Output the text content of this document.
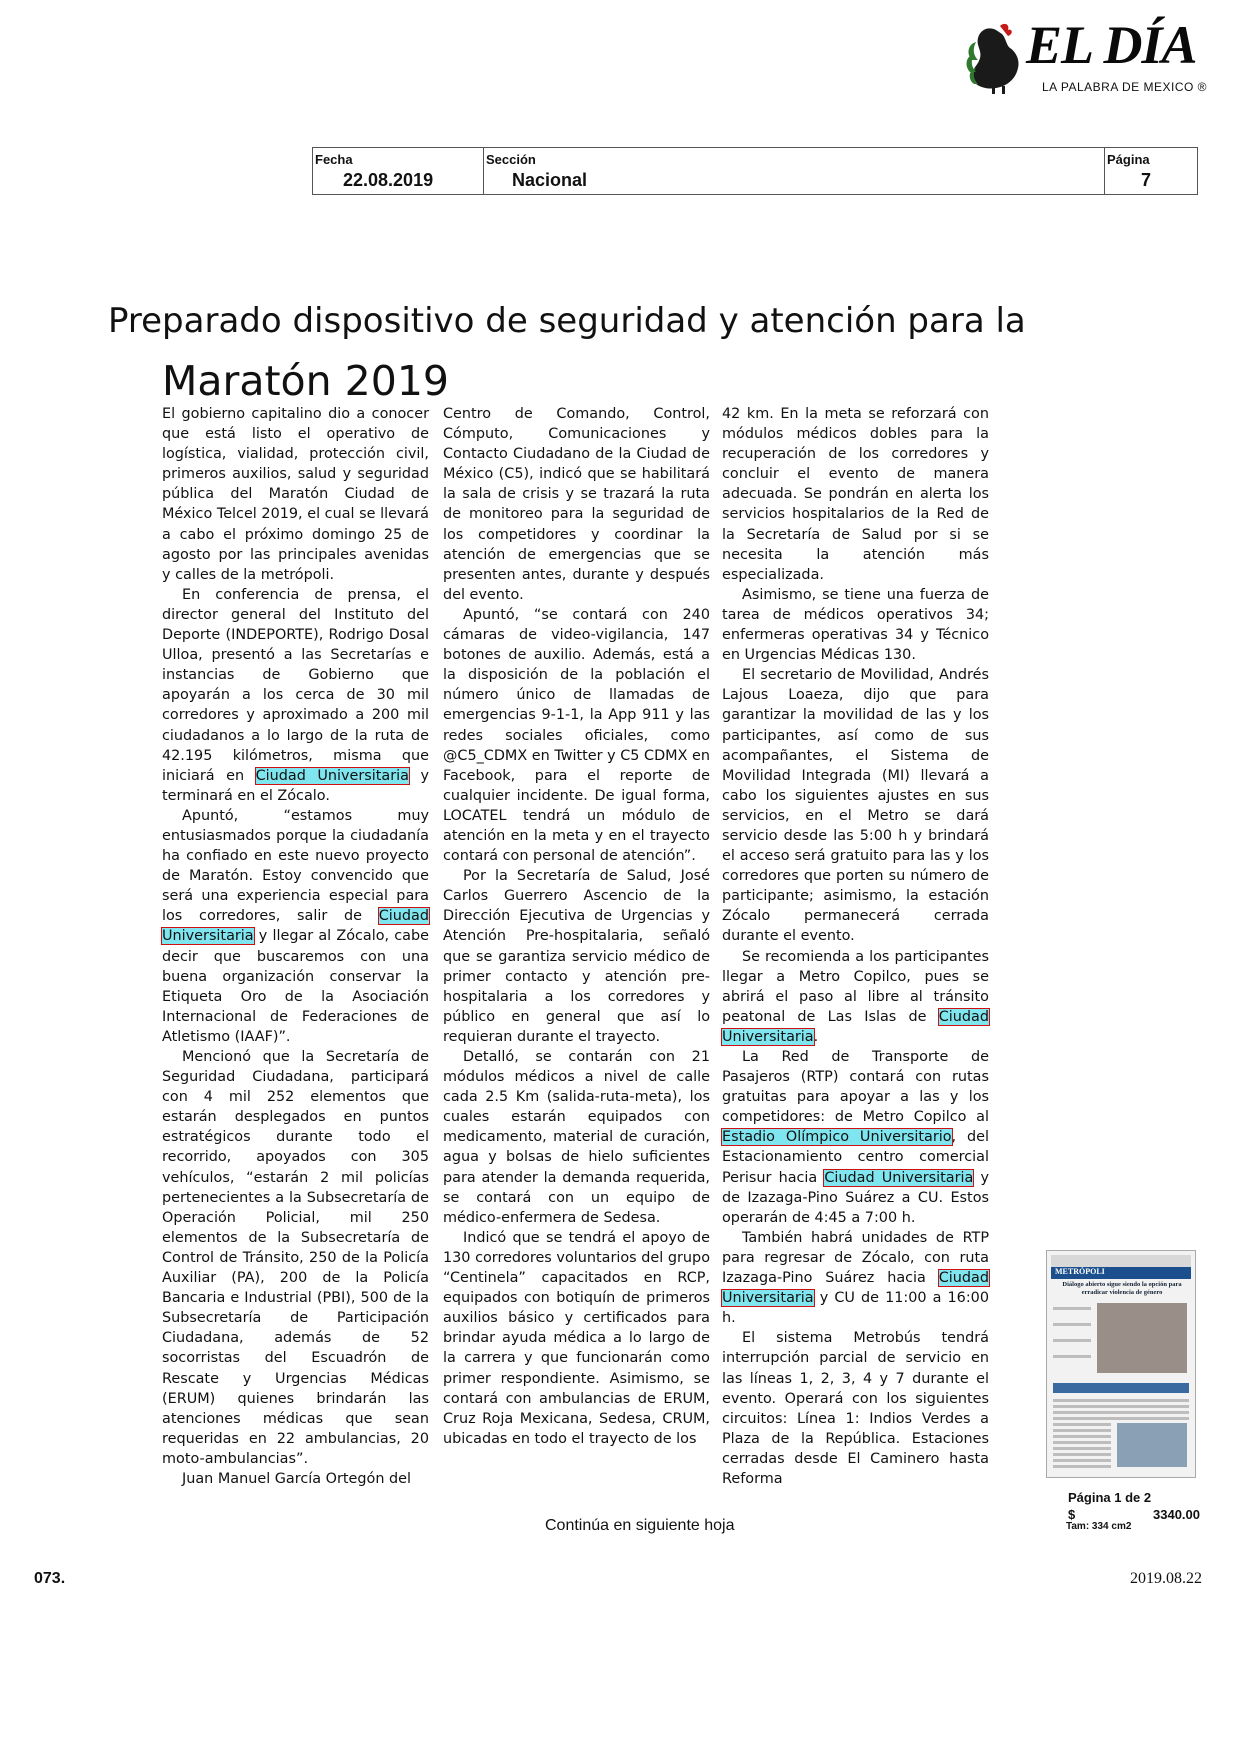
EL DÍA
LA PALABRA DE MEXICO ®
Fecha
22.08.2019
Sección
Nacional
Página
7
Preparado dispositivo de seguridad y atención para la
Maratón 2019

El gobierno capitalino dio a conocer que está listo el operativo de logística, vialidad, protección civil, primeros auxilios, salud y seguridad pública del Maratón Ciudad de México Telcel 2019, el cual se llevará a cabo el próximo domingo 25 de agosto por las principales avenidas y calles de la metrópoli.

En conferencia de prensa, el director general del Instituto del Deporte (INDEPORTE), Rodrigo Dosal Ulloa, presentó a las Secretarías e instancias de Gobierno que apoyarán a los cerca de 30 mil corredores y aproximado a 200 mil ciudadanos a lo largo de la ruta de 42.195 kilómetros, misma que iniciará en Ciudad Universitaria y terminará en el Zócalo.

Apuntó, “estamos muy entusiasmados porque la ciudadanía ha confiado en este nuevo proyecto de Maratón. Estoy convencido que será una experiencia especial para los corredores, salir de Ciudad Universitaria y llegar al Zócalo, cabe decir que buscaremos con una buena organización conservar la Etiqueta Oro de la Asociación Internacional de Federaciones de Atletismo (IAAF)”.

Mencionó que la Secretaría de Seguridad Ciudadana, participará con 4 mil 252 elementos que estarán desplegados en puntos estratégicos durante todo el recorrido, apoyados con 305 vehículos, “estarán 2 mil policías pertenecientes a la Subsecretaría de Operación Policial, mil 250 elementos de la Subsecretaría de Control de Tránsito, 250 de la Policía Auxiliar (PA), 200 de la Policía Bancaria e Industrial (PBI), 500 de la Subsecretaría de Participación Ciudadana, además de 52 socorristas del Escuadrón de Rescate y Urgencias Médicas (ERUM) quienes brindarán las atenciones médicas que sean requeridas en 22 ambulancias, 20 moto-ambulancias”.

Juan Manuel García Ortegón del

Centro de Comando, Control, Cómputo, Comunicaciones y Contacto Ciudadano de la Ciudad de México (C5), indicó que se habilitará la sala de crisis y se trazará la ruta de monitoreo para la seguridad de los competidores y coordinar la atención de emergencias que se presenten antes, durante y después del evento.

Apuntó, “se contará con 240 cámaras de video-vigilancia, 147 botones de auxilio. Además, está a la disposición de la población el número único de llamadas de emergencias 9-1-1, la App 911 y las redes sociales oficiales, como @C5_CDMX en Twitter y C5 CDMX en Facebook, para el reporte de cualquier incidente. De igual forma, LOCATEL tendrá un módulo de atención en la meta y en el trayecto contará con personal de atención”.

Por la Secretaría de Salud, José Carlos Guerrero Ascencio de la Dirección Ejecutiva de Urgencias y Atención Pre-hospitalaria, señaló que se garantiza servicio médico de primer contacto y atención pre-hospitalaria a los corredores y público en general que así lo requieran durante el trayecto.

Detalló, se contarán con 21 módulos médicos a nivel de calle cada 2.5 Km (salida-ruta-meta), los cuales estarán equipados con medicamento, material de curación, agua y bolsas de hielo suficientes para atender la demanda requerida, se contará con un equipo de médico-enfermera de Sedesa.

Indicó que se tendrá el apoyo de 130 corredores voluntarios del grupo “Centinela” capacitados en RCP, equipados con botiquín de primeros auxilios básico y certificados para brindar ayuda médica a lo largo de la carrera y que funcionarán como primer respondiente. Asimismo, se contará con ambulancias de ERUM, Cruz Roja Mexicana, Sedesa, CRUM, ubicadas en todo el trayecto de los

42 km. En la meta se reforzará con módulos médicos dobles para la recuperación de los corredores y concluir el evento de manera adecuada. Se pondrán en alerta los servicios hospitalarios de la Red de la Secretaría de Salud por si se necesita la atención más especializada.

Asimismo, se tiene una fuerza de tarea de médicos operativos 34; enfermeras operativas 34 y Técnico en Urgencias Médicas 130.

El secretario de Movilidad, Andrés Lajous Loaeza, dijo que para garantizar la movilidad de las y los participantes, así como de sus acompañantes, el Sistema de Movilidad Integrada (MI) llevará a cabo los siguientes ajustes en sus servicios, en el Metro se dará servicio desde las 5:00 h y brindará el acceso será gratuito para las y los corredores que porten su número de participante; asimismo, la estación Zócalo permanecerá cerrada durante el evento.

Se recomienda a los participantes llegar a Metro Copilco, pues se abrirá el paso al libre al tránsito peatonal de Las Islas de Ciudad Universitaria.

La Red de Transporte de Pasajeros (RTP) contará con rutas gratuitas para apoyar a las y los competidores: de Metro Copilco al Estadio Olímpico Universitario, del Estacionamiento centro comercial Perisur hacia Ciudad Universitaria y de Izazaga-Pino Suárez a CU. Estos operarán de 4:45 a 7:00 h.

También habrá unidades de RTP para regresar de Zócalo, con ruta Izazaga-Pino Suárez hacia Ciudad Universitaria y CU de 11:00 a 16:00 h.

El sistema Metrobús tendrá interrupción parcial de servicio en las líneas 1, 2, 3, 4 y 7 durante el evento. Operará con los siguientes circuitos: Línea 1: Indios Verdes a Plaza de la República. Estaciones cerradas desde El Caminero hasta Reforma

METRÓPOLI
Diálogo abierto sigue siendo la opción para erradicar violencia de género
Página 1 de 2
$	3340.00
Tam: 334 cm2
Continúa en siguiente hoja
073.	2019.08.22
